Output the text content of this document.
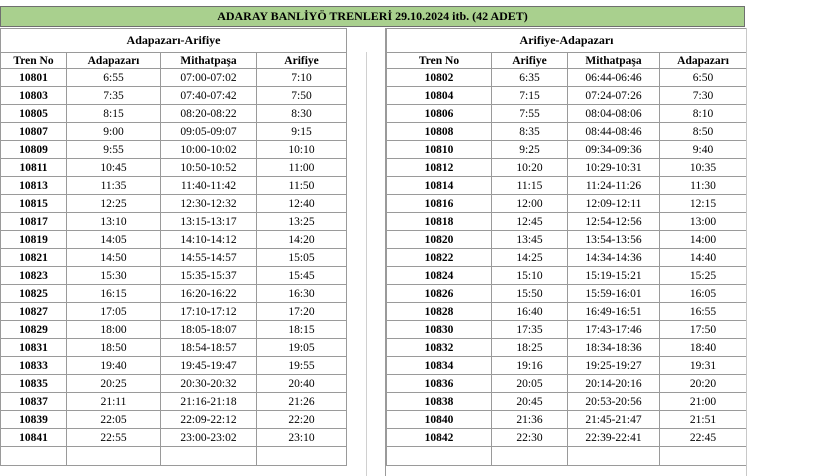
ADARAY BANLİYÖ TRENLERİ 29.10.2024 itb. (42 ADET)
Adapazarı-Arifiye			
Tren No	Adapazarı	Mithatpaşa	Arifiye
10801	6:55	07:00-07:02	7:10
10803	7:35	07:40-07:42	7:50
10805	8:15	08:20-08:22	8:30
10807	9:00	09:05-09:07	9:15
10809	9:55	10:00-10:02	10:10
10811	10:45	10:50-10:52	11:00
10813	11:35	11:40-11:42	11:50
10815	12:25	12:30-12:32	12:40
10817	13:10	13:15-13:17	13:25
10819	14:05	14:10-14:12	14:20
10821	14:50	14:55-14:57	15:05
10823	15:30	15:35-15:37	15:45
10825	16:15	16:20-16:22	16:30
10827	17:05	17:10-17:12	17:20
10829	18:00	18:05-18:07	18:15
10831	18:50	18:54-18:57	19:05
10833	19:40	19:45-19:47	19:55
10835	20:25	20:30-20:32	20:40
10837	21:11	21:16-21:18	21:26
10839	22:05	22:09-22:12	22:20
10841	22:55	23:00-23:02	23:10

Arifiye-Adapazarı			
Tren No	Arifiye	Mithatpaşa	Adapazarı
10802	6:35	06:44-06:46	6:50
10804	7:15	07:24-07:26	7:30
10806	7:55	08:04-08:06	8:10
10808	8:35	08:44-08:46	8:50
10810	9:25	09:34-09:36	9:40
10812	10:20	10:29-10:31	10:35
10814	11:15	11:24-11:26	11:30
10816	12:00	12:09-12:11	12:15
10818	12:45	12:54-12:56	13:00
10820	13:45	13:54-13:56	14:00
10822	14:25	14:34-14:36	14:40
10824	15:10	15:19-15:21	15:25
10826	15:50	15:59-16:01	16:05
10828	16:40	16:49-16:51	16:55
10830	17:35	17:43-17:46	17:50
10832	18:25	18:34-18:36	18:40
10834	19:16	19:25-19:27	19:31
10836	20:05	20:14-20:16	20:20
10838	20:45	20:53-20:56	21:00
10840	21:36	21:45-21:47	21:51
10842	22:30	22:39-22:41	22:45
